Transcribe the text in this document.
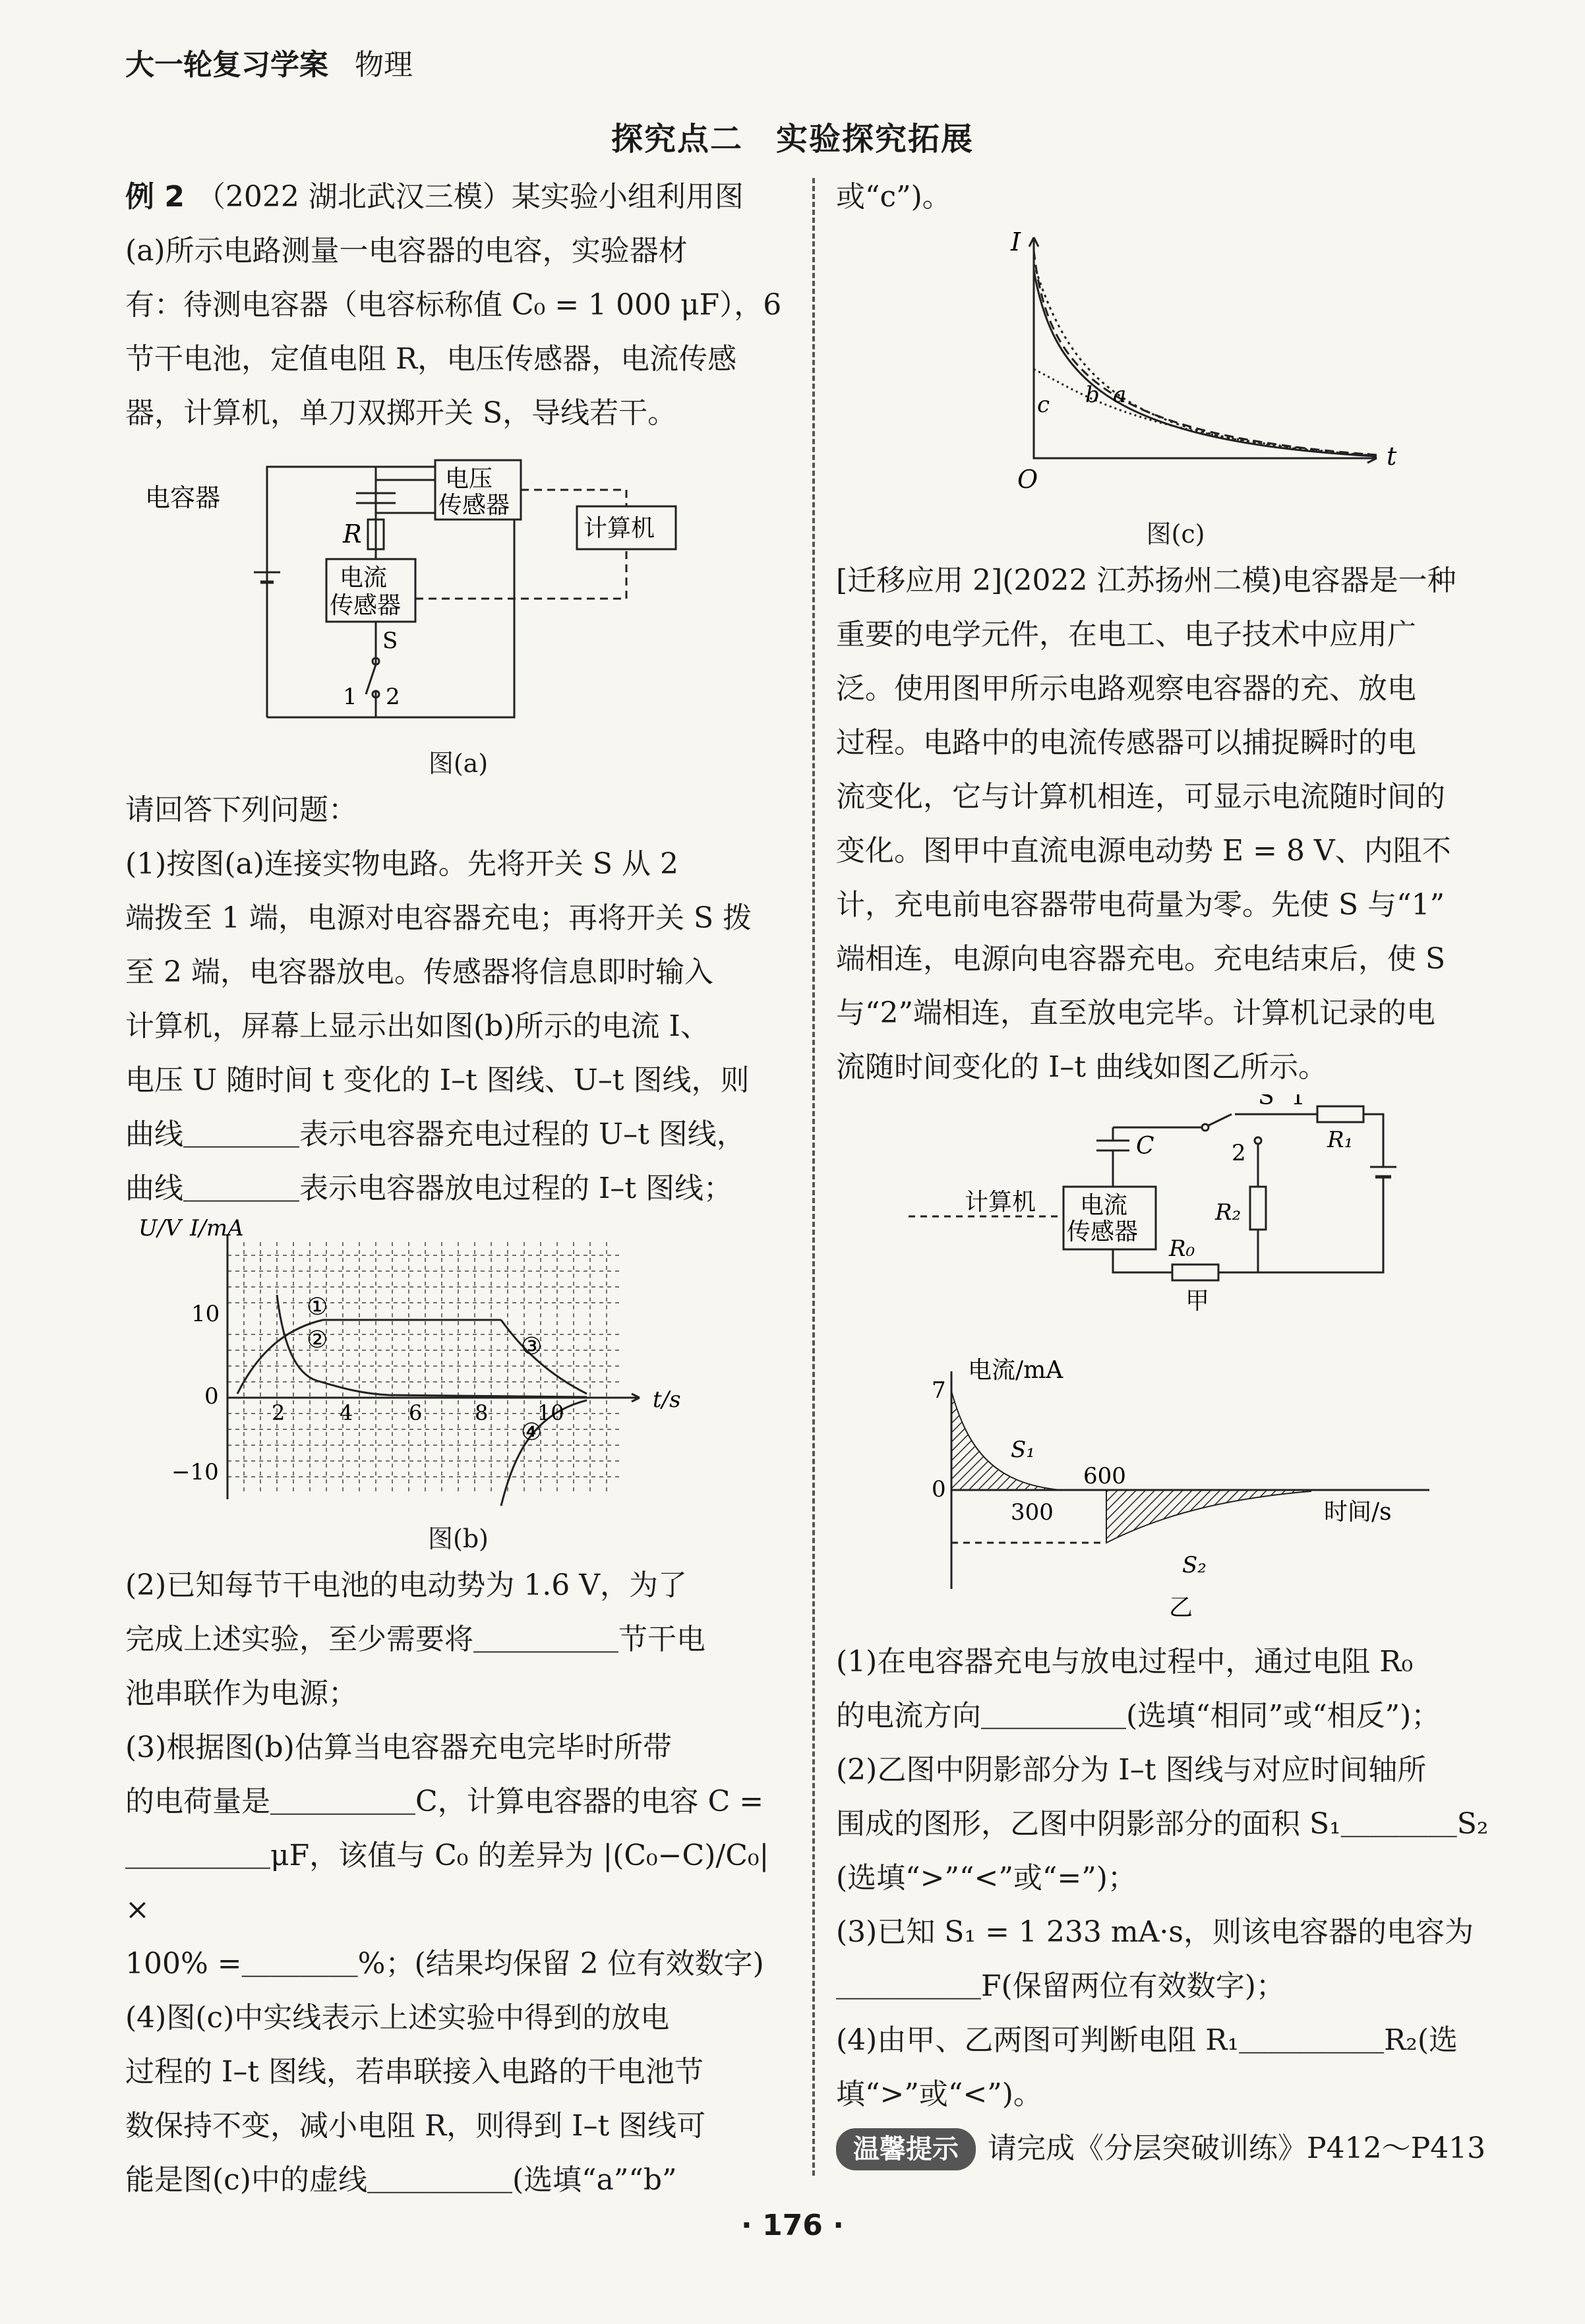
大一轮复习学案 物理
探究点二　实验探究拓展

例 2 （2022 湖北武汉三模）某实验小组利用图

(a)所示电路测量一电容器的电容，实验器材

有：待测电容器（电容标称值 C₀ = 1 000 μF），6

节干电池，定值电阻 R，电压传感器，电流传感

器，计算机，单刀双掷开关 S，导线若干。

电容器
电压
传感器
计算机
R
电流
传感器
S
1 2
图(a)

请回答下列问题：

(1)按图(a)连接实物电路。先将开关 S 从 2

端拨至 1 端，电源对电容器充电；再将开关 S 拨

至 2 端，电容器放电。传感器将信息即时输入

计算机，屏幕上显示出如图(b)所示的电流 I、

电压 U 随时间 t 变化的 I–t 图线、U–t 图线，则

曲线＿＿＿＿表示电容器充电过程的 U–t 图线，

曲线＿＿＿＿表示电容器放电过程的 I–t 图线；

U/V I/mA
10
0
−10
2	4	6 8 10	t/s
①
②	③
④
图(b)

(2)已知每节干电池的电动势为 1.6 V，为了

完成上述实验，至少需要将＿＿＿＿＿节干电

池串联作为电源；

(3)根据图(b)估算当电容器充电完毕时所带

的电荷量是＿＿＿＿＿C，计算电容器的电容 C =

＿＿＿＿＿μF，该值与 C₀ 的差异为 |(C₀−C)/C₀| ×

100% =＿＿＿＿%；(结果均保留 2 位有效数字)

(4)图(c)中实线表示上述实验中得到的放电

过程的 I–t 图线，若串联接入电路的干电池节

数保持不变，减小电阻 R，则得到 I–t 图线可

能是图(c)中的虚线＿＿＿＿＿(选填“a”“b”

或“c”)。

I
t
O
a
b
c
图(c)

[迁移应用 2](2022 江苏扬州二模)电容器是一种

重要的电学元件，在电工、电子技术中应用广

泛。使用图甲所示电路观察电容器的充、放电

过程。电路中的电流传感器可以捕捉瞬时的电

流变化，它与计算机相连，可显示电流随时间的

变化。图甲中直流电源电动势 E = 8 V、内阻不

计，充电前电容器带电荷量为零。先使 S 与“1”

端相连，电源向电容器充电。充电结束后，使 S

与“2”端相连，直至放电完毕。计算机记录的电

流随时间变化的 I–t 曲线如图乙所示。

S 1
2
C	R₁
R₂
R₀
计算机 电流
传感器
甲
电流/mA
7
0
300
600
时间/s
S₁
S₂
乙

(1)在电容器充电与放电过程中，通过电阻 R₀

的电流方向＿＿＿＿＿(选填“相同”或“相反”)；

(2)乙图中阴影部分为 I–t 图线与对应时间轴所

围成的图形，乙图中阴影部分的面积 S₁＿＿＿＿S₂

(选填“>”“<”或“=”)；

(3)已知 S₁ = 1 233 mA·s，则该电容器的电容为

＿＿＿＿＿F(保留两位有效数字)；

(4)由甲、乙两图可判断电阻 R₁＿＿＿＿＿R₂(选

填“>”或“<”)。

温馨提示 请完成《分层突破训练》P412～P413

· 176 ·
